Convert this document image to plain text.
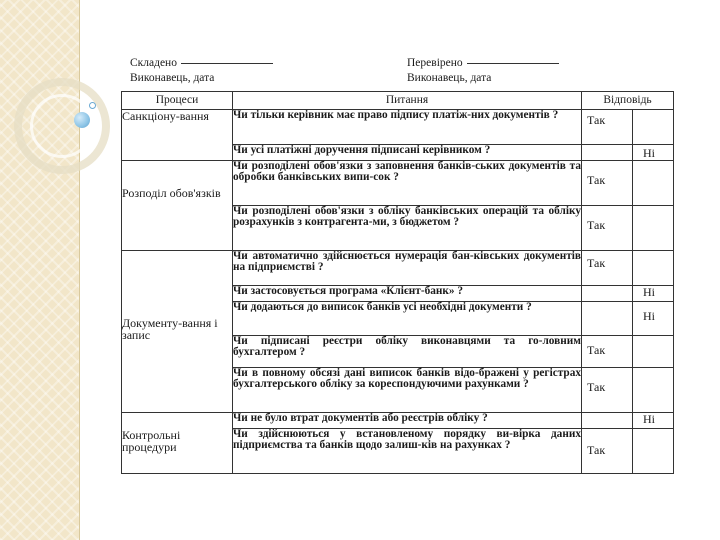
Складено
Виконавець, дата
Перевірено
Виконавець, дата
Процеси	Питання	Відповідь
Санкціону-вання	Чи тільки керівник має право підпису платіж-них документів ?	Так

	Чи усі платіжні доручення підписані керівником ?	Ні

Розподіл обов'язків	Чи розподілені обов'язки з заповнення банків-ських документів та обробки банківських випи-сок ?	Так

	Чи розподілені обов'язки з обліку банківських операцій та обліку розрахунків з контрагента-ми, з бюджетом ?	Так

Документу-вання і запис	Чи автоматично здійснюється нумерація бан-ківських документів на підприємстві ?	Так

	Чи застосовується програма «Клієнт-банк» ?	Ні

	Чи додаються до виписок банків усі необхідні документи ?	Ні

	Чи підписані реєстри обліку виконавцями та го-ловним бухгалтером ?	Так

	Чи в повному обсязі дані виписок банків відо-бражені у регістрах бухгалтерського обліку за кореспондуючими рахунками ?	Так

Контрольні процедури	Чи не було втрат документів або реєстрів обліку ?	Ні

	Чи здійснюються у встановленому порядку ви-вірка даних підприємства та банків щодо залиш-ків на рахунках ?	Так
